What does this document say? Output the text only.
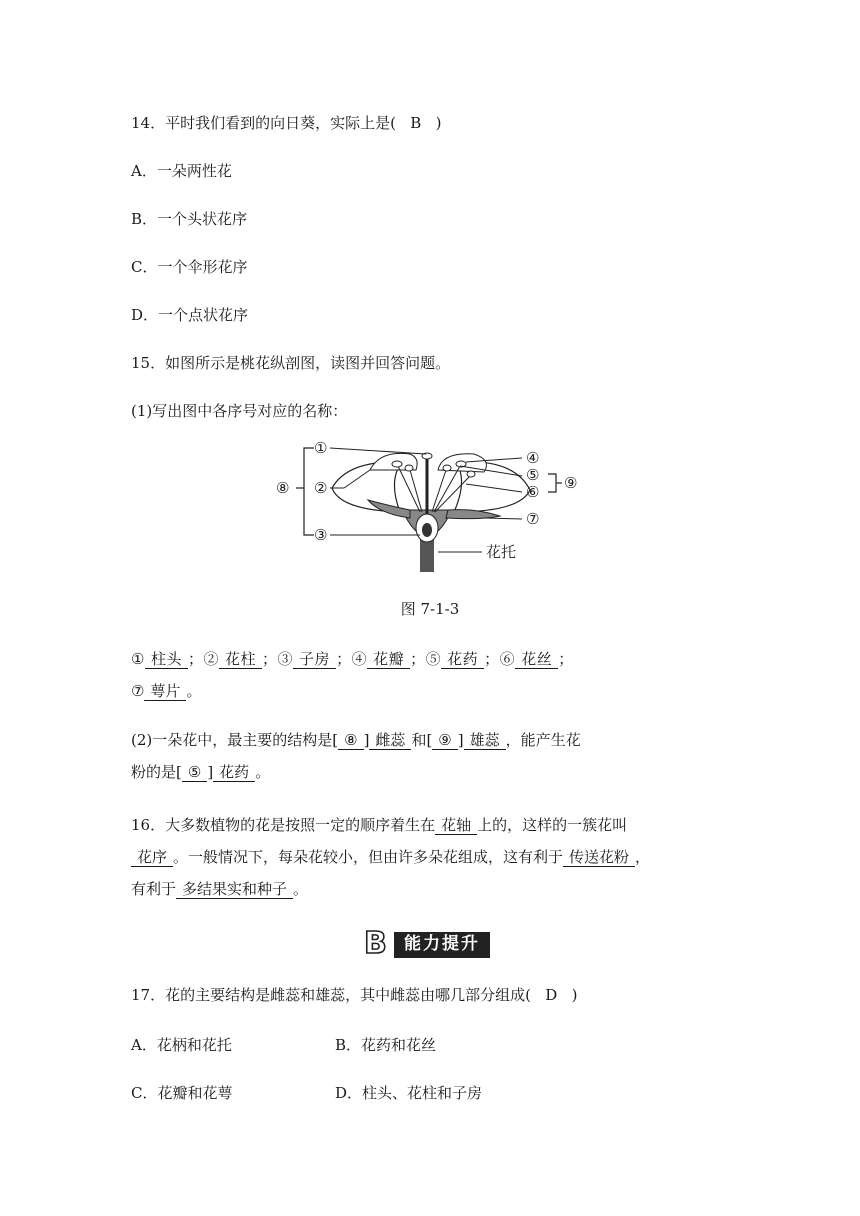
14．平时我们看到的向日葵，实际上是( B )
A．一朵两性花
B．一个头状花序
C．一个伞形花序
D．一个点状花序
15．如图所示是桃花纵剖图，读图并回答问题。
(1)写出图中各序号对应的名称：
①
②
③
④
⑤
⑥
⑦
⑧	⑨
花托
图 7-1-3
① 柱头 ；② 花柱 ；③ 子房 ；④ 花瓣 ；⑤ 花药 ；⑥ 花丝 ；
⑦ 萼片 。
(2)一朵花中，最主要的结构是[ ⑧ ] 雌蕊 和[ ⑨ ] 雄蕊 ，能产生花
粉的是[ ⑤ ] 花药 。
16．大多数植物的花是按照一定的顺序着生在 花轴 上的，这样的一簇花叫
花序 。一般情况下，每朵花较小，但由许多朵花组成，这有利于 传送花粉 ，
有利于 多结果实和种子 。
B 能力提升
17．花的主要结构是雌蕊和雄蕊，其中雌蕊由哪几部分组成( D )
A．花柄和花托	B．花药和花丝
C．花瓣和花萼	D．柱头、花柱和子房
